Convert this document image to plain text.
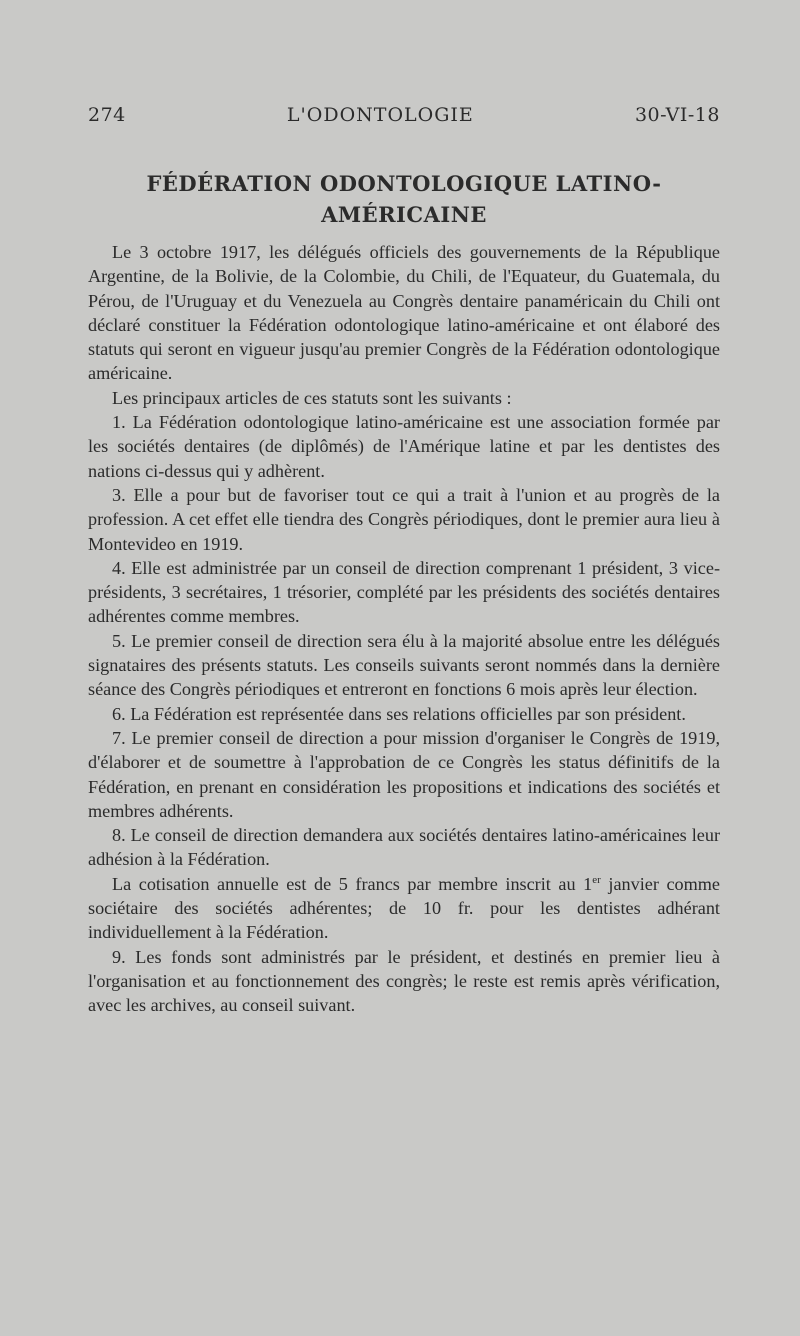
274	L'ODONTOLOGIE	30-VI-18
FÉDÉRATION ODONTOLOGIQUE LATINO-
AMÉRICAINE

Le 3 octobre 1917, les délégués officiels des gouvernements de la République Argentine, de la Bolivie, de la Colombie, du Chili, de l'Equateur, du Guatemala, du Pérou, de l'Uruguay et du Venezuela au Congrès dentaire panaméricain du Chili ont déclaré constituer la Fédération odontologique latino-américaine et ont élaboré des statuts qui seront en vigueur jusqu'au premier Congrès de la Fédération odontologique américaine.

Les principaux articles de ces statuts sont les suivants :

1. La Fédération odontologique latino-américaine est une association formée par les sociétés dentaires (de diplômés) de l'Amérique latine et par les dentistes des nations ci-dessus qui y adhèrent.

3. Elle a pour but de favoriser tout ce qui a trait à l'union et au progrès de la profession. A cet effet elle tiendra des Congrès périodiques, dont le premier aura lieu à Montevideo en 1919.

4. Elle est administrée par un conseil de direction comprenant 1 président, 3 vice-présidents, 3 secrétaires, 1 trésorier, complété par les présidents des sociétés dentaires adhérentes comme membres.

5. Le premier conseil de direction sera élu à la majorité absolue entre les délégués signataires des présents statuts. Les conseils suivants seront nommés dans la dernière séance des Congrès périodiques et entreront en fonctions 6 mois après leur élection.

6. La Fédération est représentée dans ses relations officielles par son président.

7. Le premier conseil de direction a pour mission d'organiser le Congrès de 1919, d'élaborer et de soumettre à l'approbation de ce Congrès les status définitifs de la Fédération, en prenant en considération les propositions et indications des sociétés et membres adhérents.

8. Le conseil de direction demandera aux sociétés dentaires latino-américaines leur adhésion à la Fédération.

La cotisation annuelle est de 5 francs par membre inscrit au 1er janvier comme sociétaire des sociétés adhérentes; de 10 fr. pour les dentistes adhérant individuellement à la Fédération.

9. Les fonds sont administrés par le président, et destinés en premier lieu à l'organisation et au fonctionnement des congrès; le reste est remis après vérification, avec les archives, au conseil suivant.
